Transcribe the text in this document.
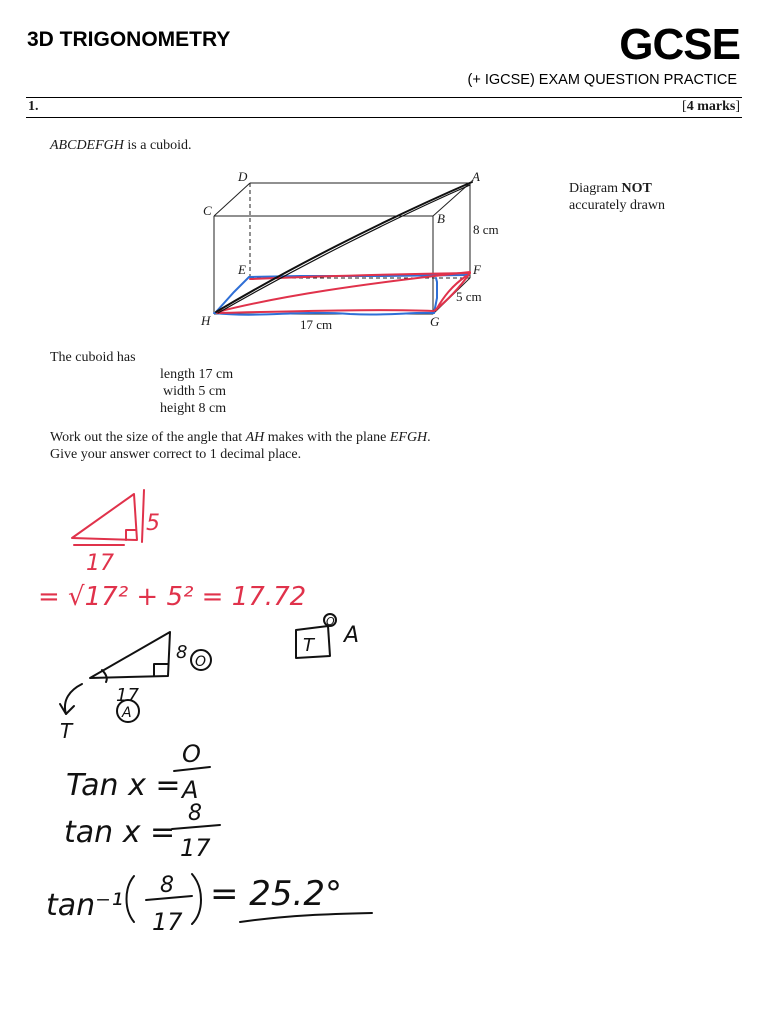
3D TRIGONOMETRY	GCSE
(+ IGCSE) EXAM QUESTION PRACTICE
1.	[4 marks]
ABCDEFGH is a cuboid.
Diagram NOT
accurately drawn
The cuboid has
length 17 cm
width 5 cm
height 8 cm
Work out the size of the angle that AH makes with the plane EFGH.
Give your answer correct to 1 decimal place.
D	A
C
B
E	F
H	G
8 cm
5 cm
17 cm
5
17
= √17² + 5² = 17.72
8 O
17
A
T
T
O
A
Tan x =
O
A
tan x =
8
17
tan⁻¹
8
17
= 25.2°
